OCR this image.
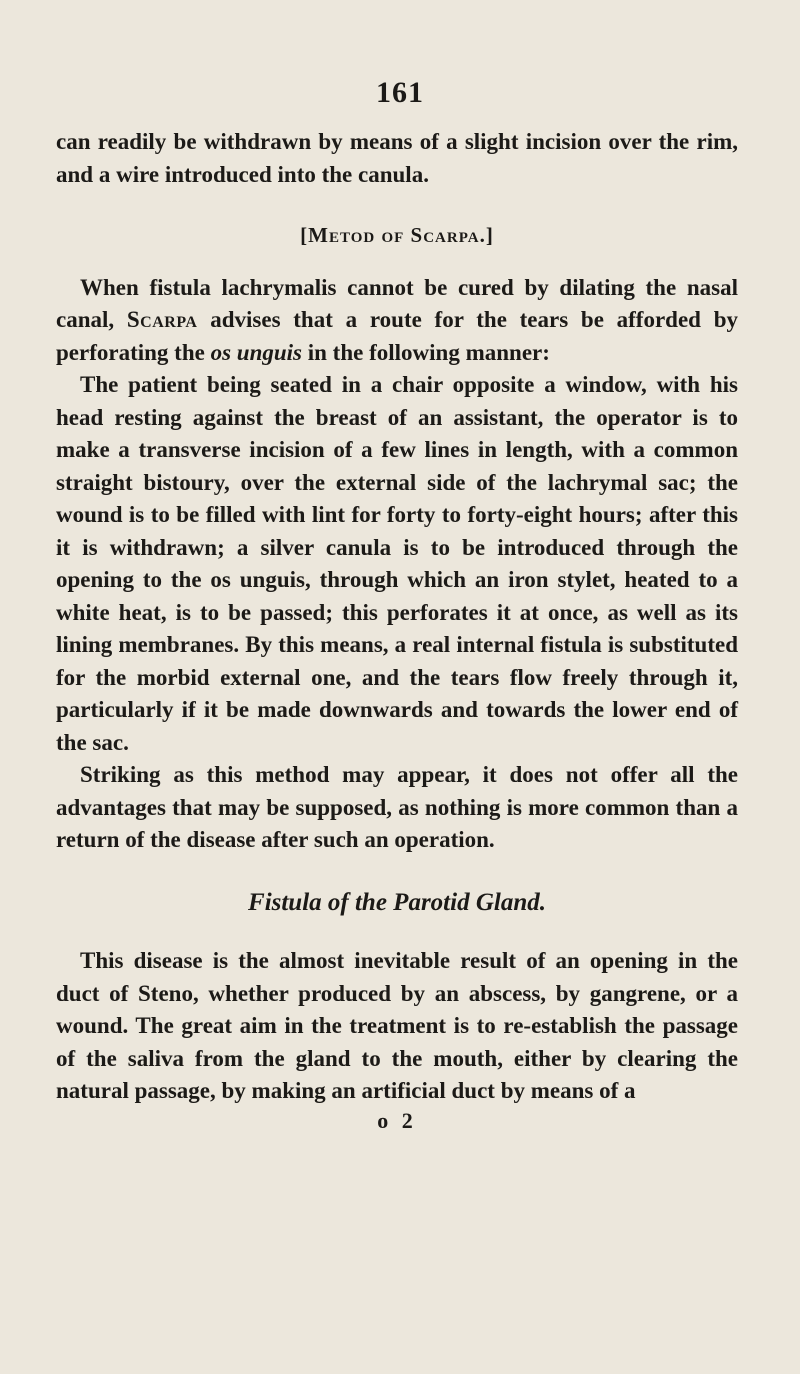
161

can readily be withdrawn by means of a slight incision over the rim, and a wire introduced into the canula.

[Metod of Scarpa.]

When fistula lachrymalis cannot be cured by dilating the nasal canal, Scarpa advises that a route for the tears be afforded by perforating the os unguis in the following manner:

The patient being seated in a chair opposite a window, with his head resting against the breast of an assistant, the operator is to make a transverse incision of a few lines in length, with a common straight bistoury, over the external side of the lachrymal sac; the wound is to be filled with lint for forty to forty-eight hours; after this it is withdrawn; a silver canula is to be introduced through the opening to the os unguis, through which an iron stylet, heated to a white heat, is to be passed; this perforates it at once, as well as its lining membranes. By this means, a real internal fistula is substituted for the morbid external one, and the tears flow freely through it, particularly if it be made downwards and towards the lower end of the sac.

Striking as this method may appear, it does not offer all the advantages that may be supposed, as nothing is more common than a return of the disease after such an operation.

Fistula of the Parotid Gland.

This disease is the almost inevitable result of an opening in the duct of Steno, whether produced by an abscess, by gangrene, or a wound. The great aim in the treatment is to re-establish the passage of the saliva from the gland to the mouth, either by clearing the natural passage, by making an artificial duct by means of a

o 2
